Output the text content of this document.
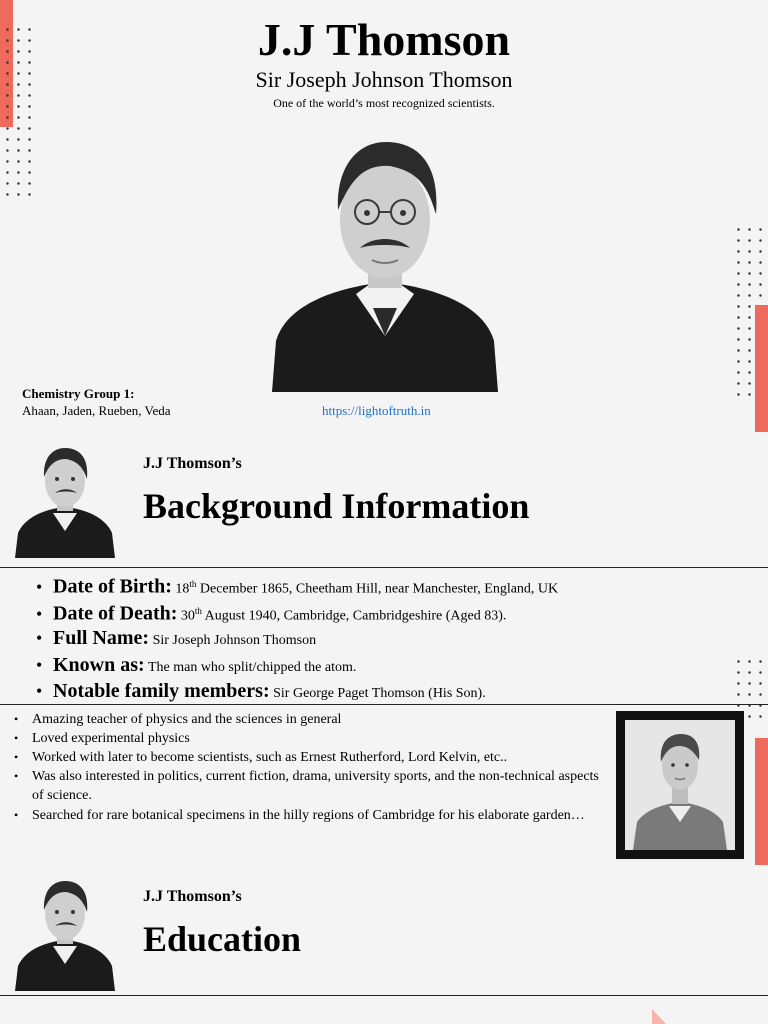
J.J Thomson
Sir Joseph Johnson Thomson
One of the world’s most recognized scientists.
Chemistry Group 1:
Ahaan, Jaden, Rueben, Veda	https://lightoftruth.in
J.J Thomson’s
Background Information
• Date of Birth: 18th December 1865, Cheetham Hill, near Manchester, England, UK
• Date of Death: 30th August 1940, Cambridge, Cambridgeshire (Aged 83).
• Full Name: Sir Joseph Johnson Thomson
• Known as: The man who split/chipped the atom.
• Notable family members: Sir George Paget Thomson (His Son).
• Amazing teacher of physics and the sciences in general
• Loved experimental physics
• Worked with later to become scientists, such as Ernest Rutherford, Lord Kelvin, etc..
• Was also interested in politics, current fiction, drama, university sports, and the non-technical aspects of science.
• Searched for rare botanical specimens in the hilly regions of Cambridge for his elaborate garden…
J.J Thomson’s
Education
